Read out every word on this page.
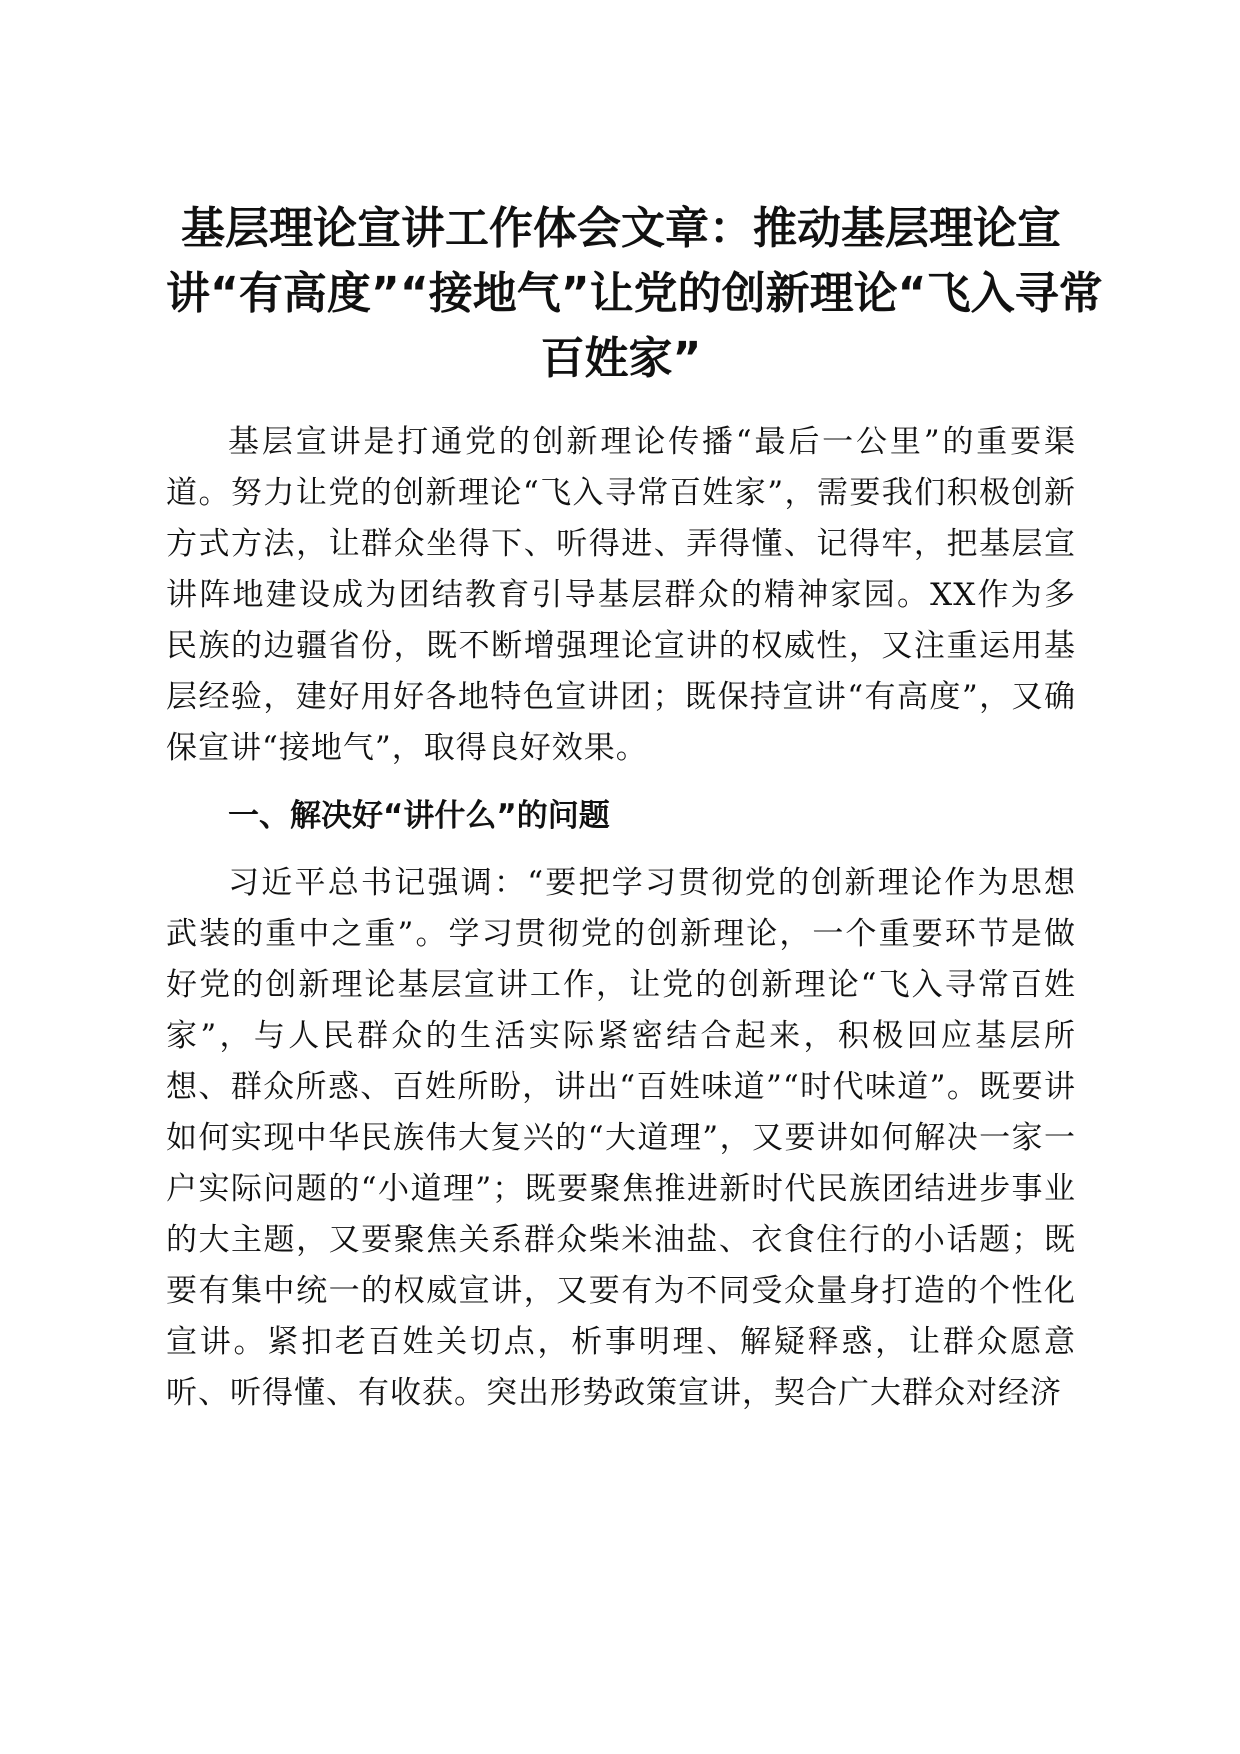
基层理论宣讲工作体会文章：推动基层理论宣
讲“有高度”“接地气”让党的创新理论“飞入寻常
百姓家”

基层宣讲是打通党的创新理论传播“最后一公里”的重要渠道。努力让党的创新理论“飞入寻常百姓家”，需要我们积极创新方式方法，让群众坐得下、听得进、弄得懂、记得牢，把基层宣讲阵地建设成为团结教育引导基层群众的精神家园。XX作为多民族的边疆省份，既不断增强理论宣讲的权威性，又注重运用基层经验，建好用好各地特色宣讲团；既保持宣讲“有高度”，又确保宣讲“接地气”，取得良好效果。

一、解决好“讲什么”的问题

习近平总书记强调：“要把学习贯彻党的创新理论作为思想武装的重中之重”。学习贯彻党的创新理论，一个重要环节是做好党的创新理论基层宣讲工作，让党的创新理论“飞入寻常百姓家”，与人民群众的生活实际紧密结合起来，积极回应基层所想、群众所惑、百姓所盼，讲出“百姓味道”“时代味道”。既要讲如何实现中华民族伟大复兴的“大道理”，又要讲如何解决一家一户实际问题的“小道理”；既要聚焦推进新时代民族团结进步事业的大主题，又要聚焦关系群众柴米油盐、衣食住行的小话题；既要有集中统一的权威宣讲，又要有为不同受众量身打造的个性化宣讲。紧扣老百姓关切点，析事明理、解疑释惑，让群众愿意听、听得懂、有收获。突出形势政策宣讲，契合广大群众对经济
